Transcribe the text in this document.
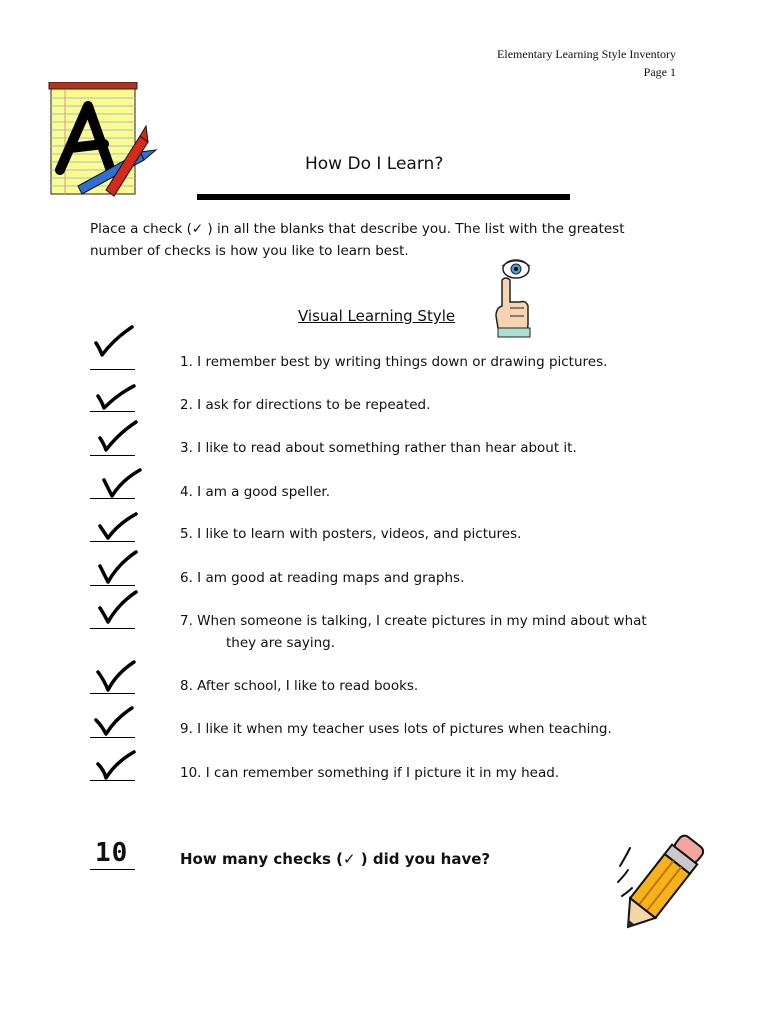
Elementary Learning Style Inventory
Page 1
How Do I Learn?
Place a check (✓ ) in all the blanks that describe you. The list with the greatest
number of checks is how you like to learn best.
Visual Learning Style
1. I remember best by writing things down or drawing pictures.
2. I ask for directions to be repeated.
3. I like to read about something rather than hear about it.
4. I am a good speller.
5. I like to learn with posters, videos, and pictures.
6. I am good at reading maps and graphs.
7. When someone is talking, I create pictures in my mind about what
they are saying.
8. After school, I like to read books.
9. I like it when my teacher uses lots of pictures when teaching.
10. I can remember something if I picture it in my head.
10	How many checks (✓ ) did you have?
